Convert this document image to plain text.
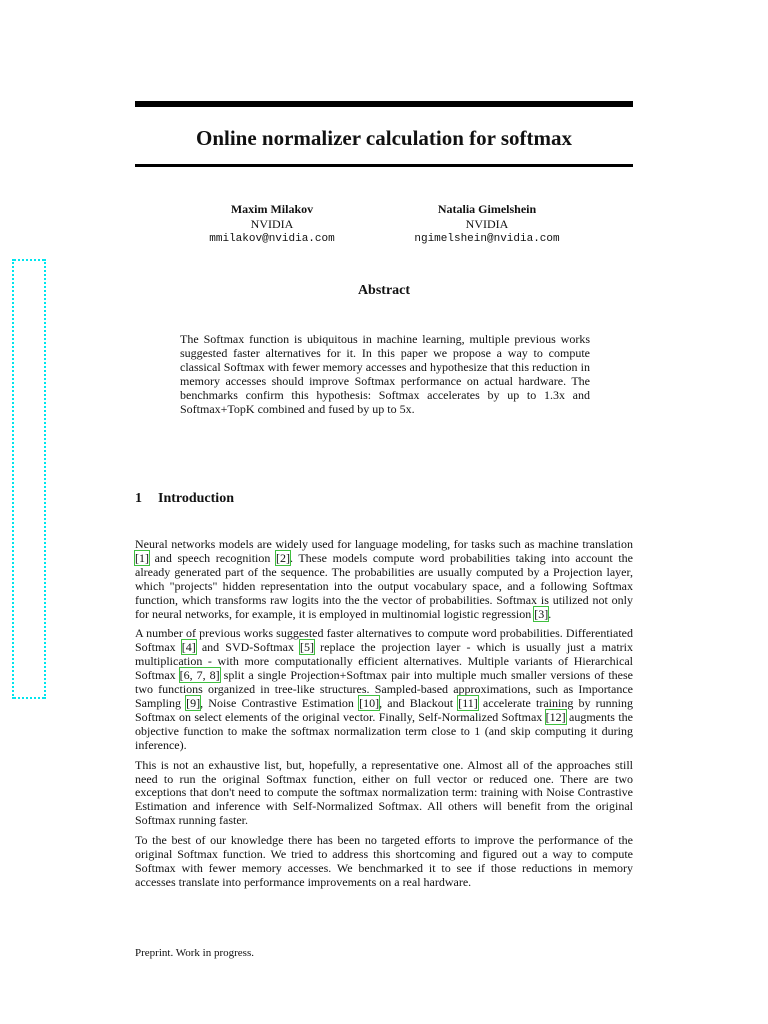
Online normalizer calculation for softmax
Maxim Milakov
NVIDIA
mmilakov@nvidia.com
Natalia Gimelshein
NVIDIA
ngimelshein@nvidia.com
Abstract

The Softmax function is ubiquitous in machine learning, multiple previous works suggested faster alternatives for it. In this paper we propose a way to compute classical Softmax with fewer memory accesses and hypothesize that this reduction in memory accesses should improve Softmax performance on actual hardware. The benchmarks confirm this hypothesis: Softmax accelerates by up to 1.3x and Softmax+TopK combined and fused by up to 5x.

1 Introduction

Neural networks models are widely used for language modeling, for tasks such as machine translation [1] and speech recognition [2]. These models compute word probabilities taking into account the already generated part of the sequence. The probabilities are usually computed by a Projection layer, which "projects" hidden representation into the output vocabulary space, and a following Softmax function, which transforms raw logits into the the vector of probabilities. Softmax is utilized not only for neural networks, for example, it is employed in multinomial logistic regression [3].

A number of previous works suggested faster alternatives to compute word probabilities. Differentiated Softmax [4] and SVD-Softmax [5] replace the projection layer - which is usually just a matrix multiplication - with more computationally efficient alternatives. Multiple variants of Hierarchical Softmax [6, 7, 8] split a single Projection+Softmax pair into multiple much smaller versions of these two functions organized in tree-like structures. Sampled-based approximations, such as Importance Sampling [9], Noise Contrastive Estimation [10], and Blackout [11] accelerate training by running Softmax on select elements of the original vector. Finally, Self-Normalized Softmax [12] augments the objective function to make the softmax normalization term close to 1 (and skip computing it during inference).

This is not an exhaustive list, but, hopefully, a representative one. Almost all of the approaches still need to run the original Softmax function, either on full vector or reduced one. There are two exceptions that don't need to compute the softmax normalization term: training with Noise Contrastive Estimation and inference with Self-Normalized Softmax. All others will benefit from the original Softmax running faster.

To the best of our knowledge there has been no targeted efforts to improve the performance of the original Softmax function. We tried to address this shortcoming and figured out a way to compute Softmax with fewer memory accesses. We benchmarked it to see if those reductions in memory accesses translate into performance improvements on a real hardware.

Preprint. Work in progress.
